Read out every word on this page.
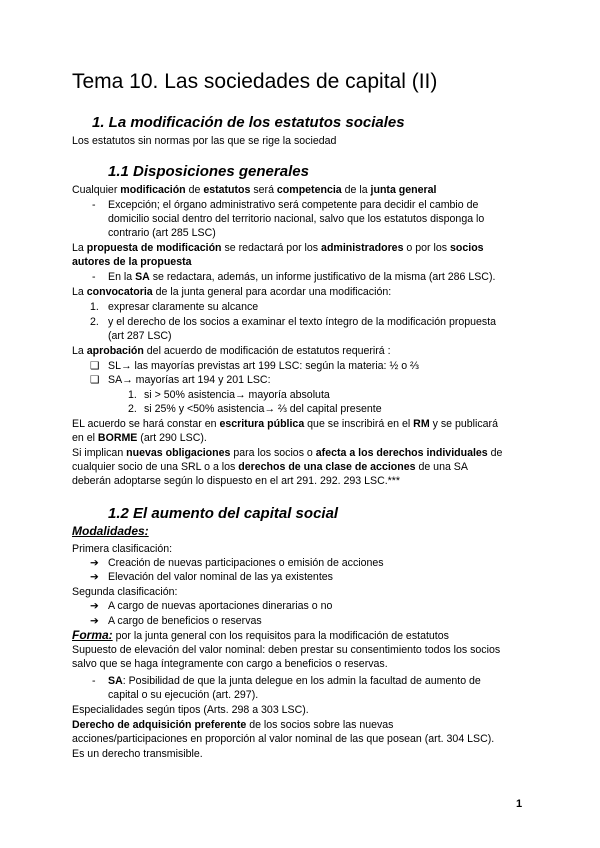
Tema 10. Las sociedades de capital (II)
1. La modificación de los estatutos sociales
Los estatutos sin normas por las que se rige la sociedad
1.1 Disposiciones generales
Cualquier modificación de estatutos será competencia de la junta general
- Excepción; el órgano administrativo será competente para decidir el cambio de
domicilio social dentro del territorio nacional, salvo que los estatutos disponga lo
contrario (art 285 LSC)
La propuesta de modificación se redactará por los administradores o por los socios
autores de la propuesta
- En la SA se redactara, además, un informe justificativo de la misma (art 286 LSC).
La convocatoria de la junta general para acordar una modificación:
1. expresar claramente su alcance
2. y el derecho de los socios a examinar el texto íntegro de la modificación propuesta
(art 287 LSC)
La aprobación del acuerdo de modificación de estatutos requerirá :
❑ SL→ las mayorías previstas art 199 LSC: según la materia: ½ o ⅔
❑ SA→ mayorías art 194 y 201 LSC:
1. si > 50% asistencia→ mayoría absoluta
2. si 25% y <50% asistencia→ ⅔ del capital presente
EL acuerdo se hará constar en escritura pública que se inscribirá en el RM y se publicará
en el BORME (art 290 LSC).
Si implican nuevas obligaciones para los socios o afecta a los derechos individuales de
cualquier socio de una SRL o a los derechos de una clase de acciones de una SA
deberán adoptarse según lo dispuesto en el art 291. 292. 293 LSC.***
1.2 El aumento del capital social
Modalidades:
Primera clasificación:
➔ Creación de nuevas participaciones o emisión de acciones
➔ Elevación del valor nominal de las ya existentes
Segunda clasificación:
➔ A cargo de nuevas aportaciones dinerarias o no
➔ A cargo de beneficios o reservas
Forma: por la junta general con los requisitos para la modificación de estatutos
Supuesto de elevación del valor nominal: deben prestar su consentimiento todos los socios
salvo que se haga íntegramente con cargo a beneficios o reservas.
- SA: Posibilidad de que la junta delegue en los admin la facultad de aumento de
capital o su ejecución (art. 297).
Especialidades según tipos (Arts. 298 a 303 LSC).
Derecho de adquisición preferente de los socios sobre las nuevas
acciones/participaciones en proporción al valor nominal de las que posean (art. 304 LSC).
Es un derecho transmisible.
1
